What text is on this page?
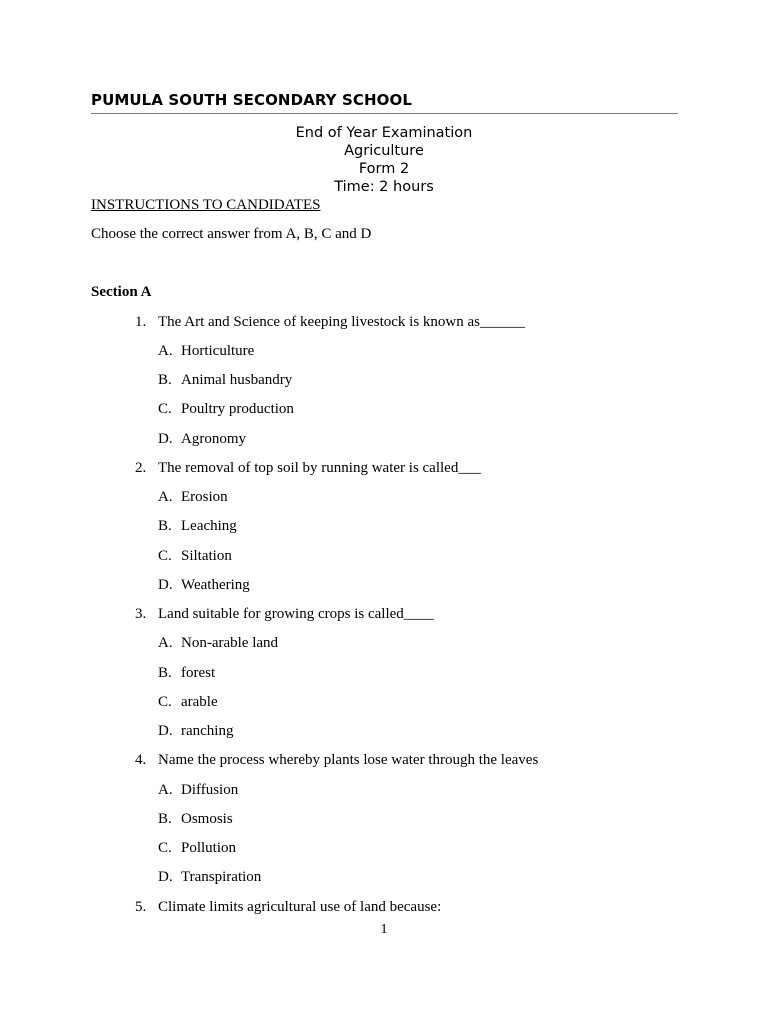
PUMULA SOUTH SECONDARY SCHOOL
End of Year Examination
Agriculture
Form 2
Time: 2 hours
INSTRUCTIONS TO CANDIDATES
Choose the correct answer from A, B, C and D
Section A
1. The Art and Science of keeping livestock is known as______
A. Horticulture
B. Animal husbandry
C. Poultry production
D. Agronomy
2. The removal of top soil by running water is called___
A. Erosion
B. Leaching
C. Siltation
D. Weathering
3. Land suitable for growing crops is called____
A. Non-arable land
B. forest
C. arable
D. ranching
4. Name the process whereby plants lose water through the leaves
A. Diffusion
B. Osmosis
C. Pollution
D. Transpiration
5. Climate limits agricultural use of land because:
1
